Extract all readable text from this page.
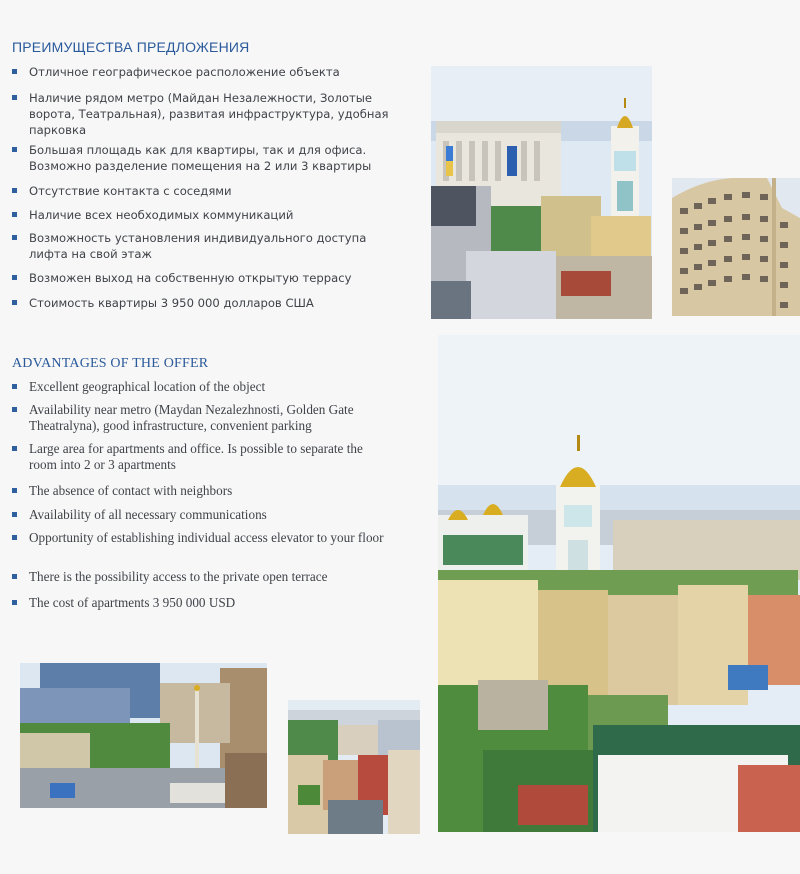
ПРЕИМУЩЕСТВА ПРЕДЛОЖЕНИЯ
Отличное географическое расположение объекта
Наличие рядом метро (Майдан Незалежности, Золотые ворота, Театральная), развитая инфраструктура, удобная парковка
Большая площадь как для квартиры, так и для офиса. Возможно разделение помещения на 2 или 3 квартиры
Отсутствие контакта с соседями
Наличие всех необходимых коммуникаций
Возможность установления индивидуального доступа лифта на свой этаж
Возможен выход на собственную открытую террасу
Стоимость квартиры 3 950 000 долларов США
ADVANTAGES OF THE OFFER
Excellent geographical location of the object
Availability near metro (Maydan Nezalezhnosti, Golden Gate Theatralyna), good infrastructure, convenient parking
Large area for apartments and office. Is possible to separate the room into 2 or 3 apartments
The absence of contact with neighbors
Availability of all necessary communications
Opportunity of establishing individual access elevator to your floor
There is the possibility access to the private open terrace
The cost of apartments 3 950 000 USD
